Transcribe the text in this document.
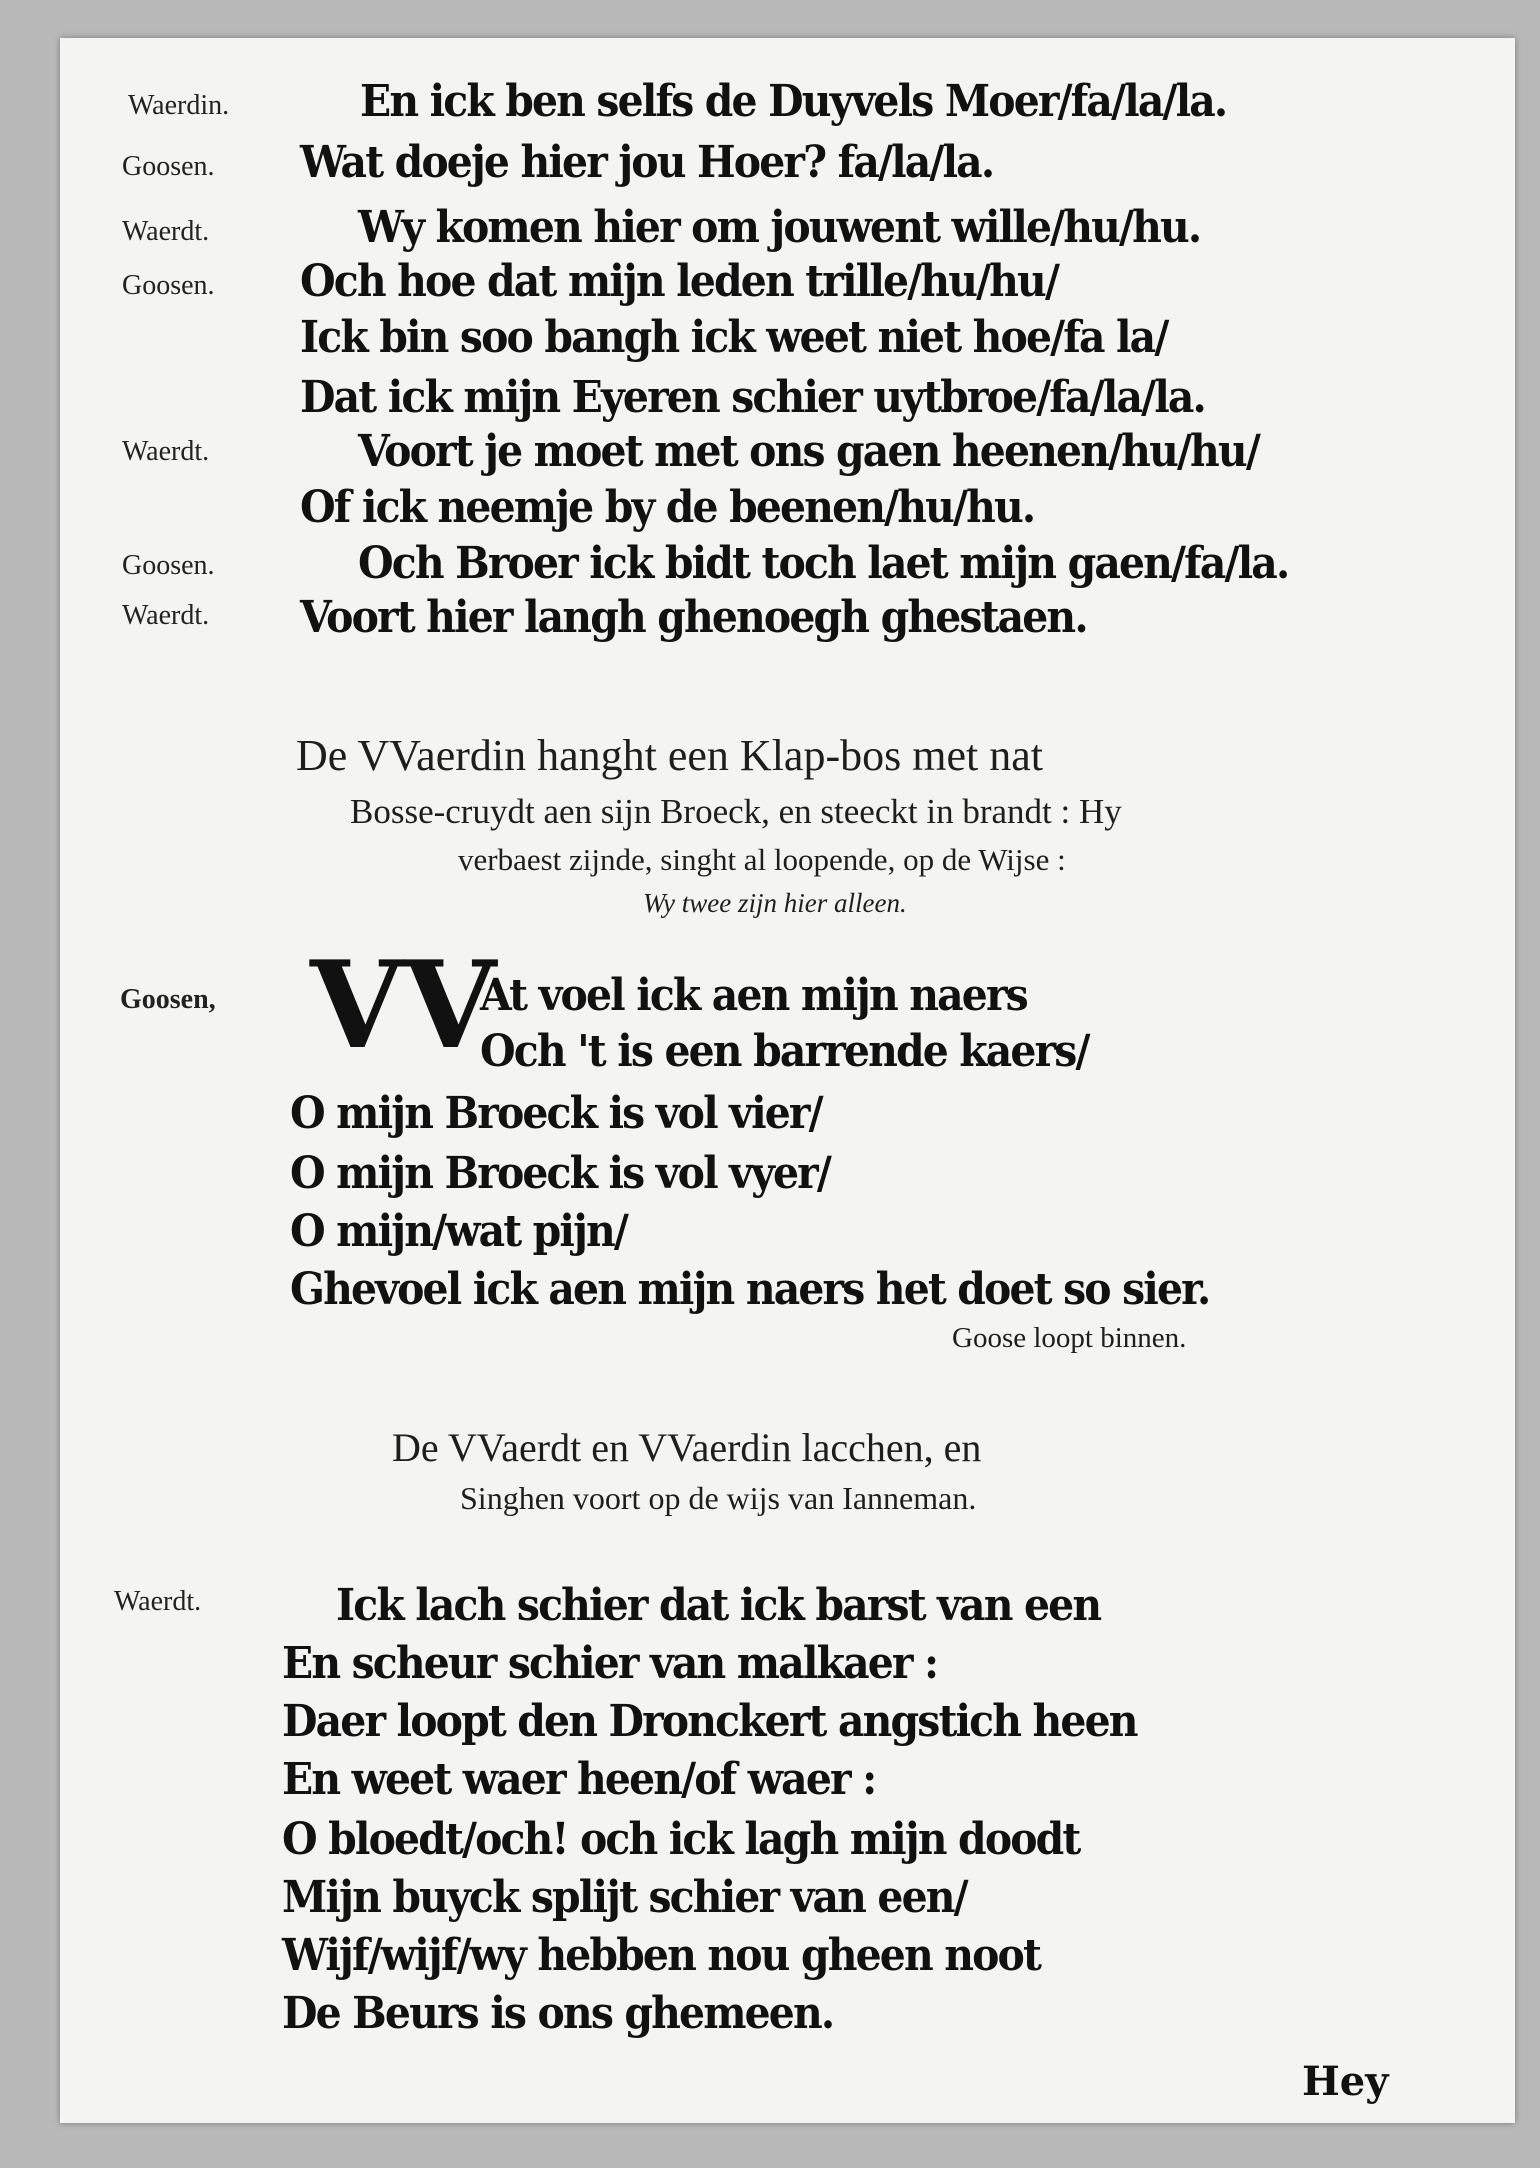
Waerdin.	En ick ben selfs de Duyvels Moer/fa/la/la.
Goosen. Wat doeje hier jou Hoer? fa/la/la.
Waerdt.	Wy komen hier om jouwent wille/hu/hu.
Goosen. Och hoe dat mijn leden trille/hu/hu/
Ick bin soo bangh ick weet niet hoe/fa la/
Dat ick mijn Eyeren schier uytbroe/fa/la/la.
Waerdt.	Voort je moet met ons gaen heenen/hu/hu/
Of ick neemje by de beenen/hu/hu.
Goosen.	Och Broer ick bidt toch laet mijn gaen/fa/la.
Waerdt. Voort hier langh ghenoegh ghestaen.
De VVaerdin hanght een Klap-bos met nat
Bosse-cruydt aen sijn Broeck, en steeckt in brandt : Hy
verbaest zijnde, singht al loopende, op de Wijse :
Wy twee zijn hier alleen.
Goosen, VV
At voel ick aen mijn naers
Och 't is een barrende kaers/
O mijn Broeck is vol vier/
O mijn Broeck is vol vyer/
O mijn/wat pijn/
Ghevoel ick aen mijn naers het doet so sier.
Goose loopt binnen.
De VVaerdt en VVaerdin lacchen, en
Singhen voort op de wijs van Ianneman.
Waerdt.	Ick lach schier dat ick barst van een
En scheur schier van malkaer :
Daer loopt den Dronckert angstich heen
En weet waer heen/of waer :
O bloedt/och! och ick lagh mijn doodt
Mijn buyck splijt schier van een/
Wijf/wijf/wy hebben nou gheen noot
De Beurs is ons ghemeen.
Hey
